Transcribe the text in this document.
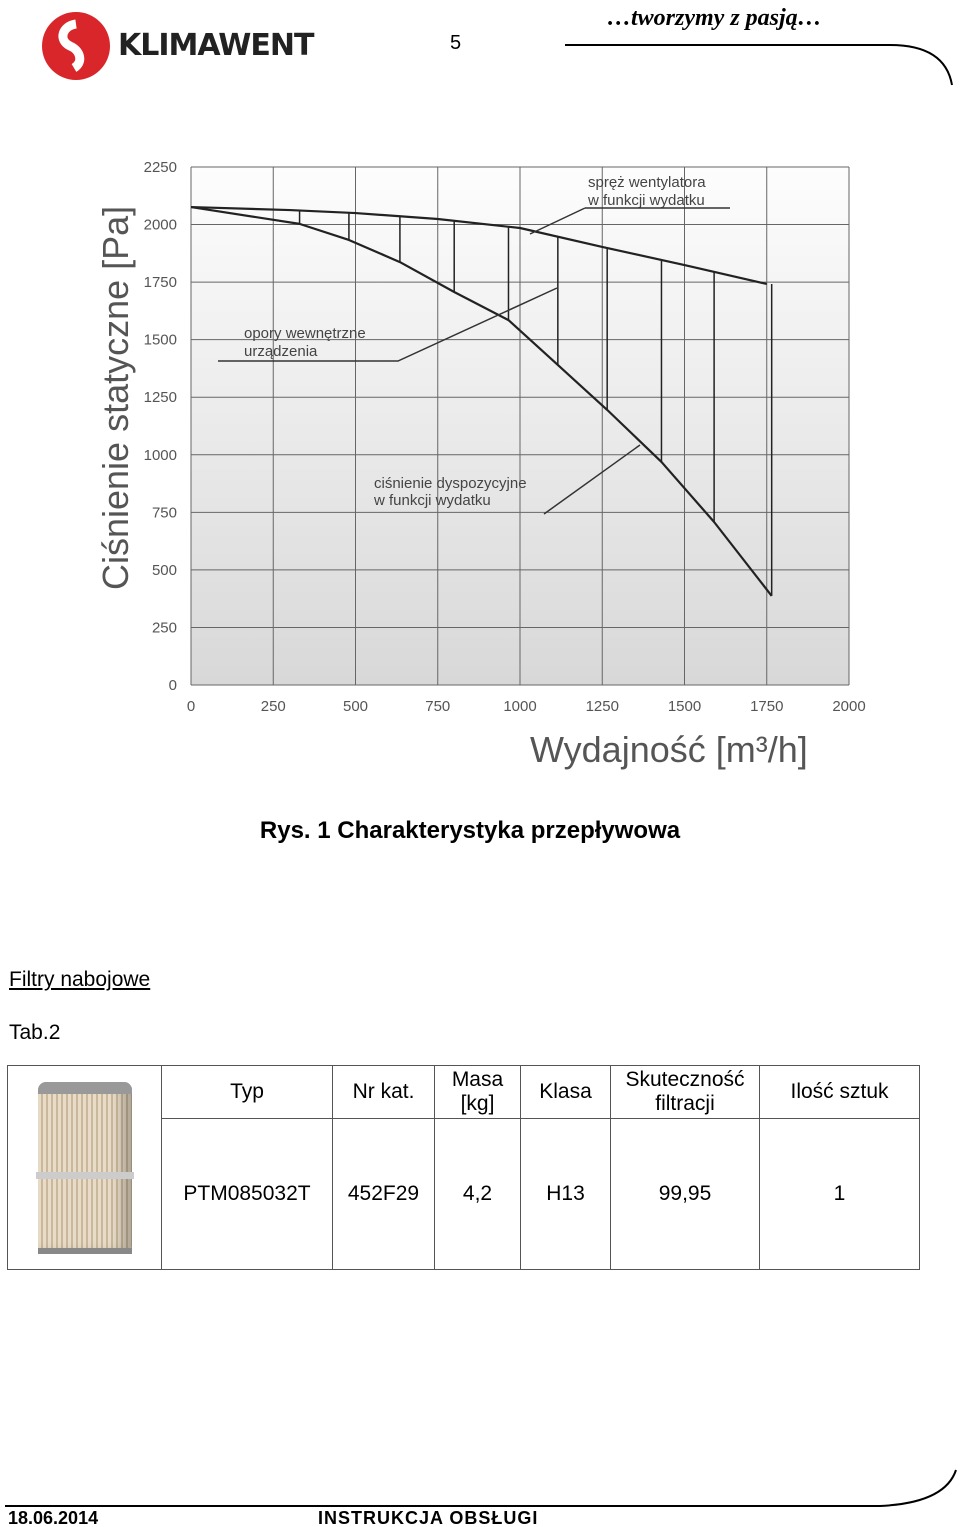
KLIMAWENT	5
…tworzymy z pasją…
0	250	500	750	1000	1250	1500	1750	2000
0
250
500
750
1000
1250
1500
1750
2000
2250
Ciśnienie statyczne [Pa]
Wydajność [m³/h]
spręż wentylatora
w funkcji wydatku
opory wewnętrzne
urządzenia
ciśnienie dyspozycyjne
w funkcji wydatku
Rys. 1 Charakterystyka przepływowa
Filtry nabojowe
Tab.2
	Typ	Nr kat.	Masa [kg]	Klasa	Skuteczność filtracji	Ilość sztuk
	PTM085032T	452F29	4,2	H13	99,95	1
18.06.2014	INSTRUKCJA OBSŁUGI
